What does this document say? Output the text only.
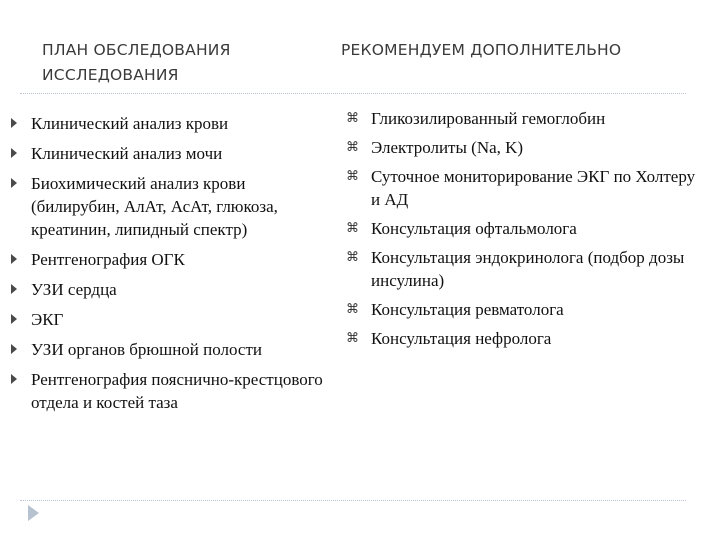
ПЛАН ОБСЛЕДОВАНИЯ ИССЛЕДОВАНИЯ
РЕКОМЕНДУЕМ ДОПОЛНИТЕЛЬНО
Клинический анализ крови
Клинический анализ мочи
Биохимический анализ крови (билирубин, АлАт, АсАт, глюкоза, креатинин, липидный спектр)
Рентгенография ОГК
УЗИ сердца
ЭКГ
УЗИ органов брюшной полости
Рентгенография пояснично-крестцового отдела и костей таза
⌘ Гликозилированный гемоглобин
⌘ Электролиты (Na, K)
⌘ Суточное мониторирование ЭКГ по Холтеру и АД
⌘ Консультация офтальмолога
⌘ Консультация эндокринолога (подбор дозы инсулина)
⌘ Консультация ревматолога
⌘ Консультация нефролога
